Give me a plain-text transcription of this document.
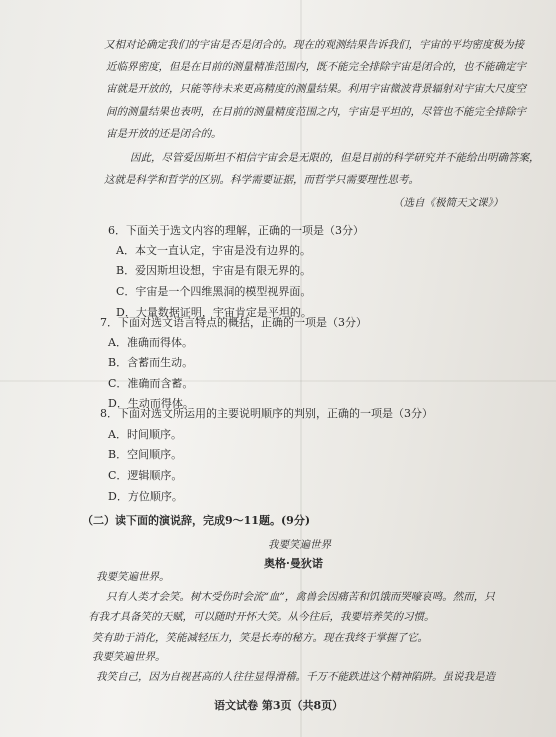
又相对论确定我们的宇宙是否是闭合的。现在的观测结果告诉我们，宇宙的平均密度极为接
近临界密度，但是在目前的测量精准范围内，既不能完全排除宇宙是闭合的，也不能确定宇
宙就是开放的，只能等待未来更高精度的测量结果。利用宇宙微波背景辐射对宇宙大尺度空
间的测量结果也表明，在目前的测量精度范围之内，宇宙是平坦的，尽管也不能完全排除宇
宙是开放的还是闭合的。
因此，尽管爱因斯坦不相信宇宙会是无限的，但是目前的科学研究并不能给出明确答案，
这就是科学和哲学的区别。科学需要证据，而哲学只需要理性思考。
（选自《极简天文课》）
6．下面关于选文内容的理解，正确的一项是（3分）
A．本文一直认定，宇宙是没有边界的。
B．爱因斯坦设想，宇宙是有限无界的。
C．宇宙是一个四维黑洞的模型视界面。
D．大量数据证明，宇宙肯定是平坦的。
7．下面对选文语言特点的概括，正确的一项是（3分）
A．准确而得体。
B．含蓄而生动。
C．准确而含蓄。
D．生动而得体。
8．下面对选文所运用的主要说明顺序的判别，正确的一项是（3分）
A．时间顺序。
B．空间顺序。
C．逻辑顺序。
D．方位顺序。
（二）读下面的演说辞，完成9～11题。(9分)
我要笑遍世界
奥格·曼狄诺
我要笑遍世界。
只有人类才会笑。树木受伤时会流“血”，禽兽会因痛苦和饥饿而哭嚎哀鸣。然而，只
有我才具备笑的天赋，可以随时开怀大笑。从今往后，我要培养笑的习惯。
笑有助于消化，笑能减轻压力，笑是长寿的秘方。现在我终于掌握了它。
我要笑遍世界。
我笑自己，因为自视甚高的人往往显得滑稽。千万不能跌进这个精神陷阱。虽说我是造
语文试卷 第3页（共8页）
